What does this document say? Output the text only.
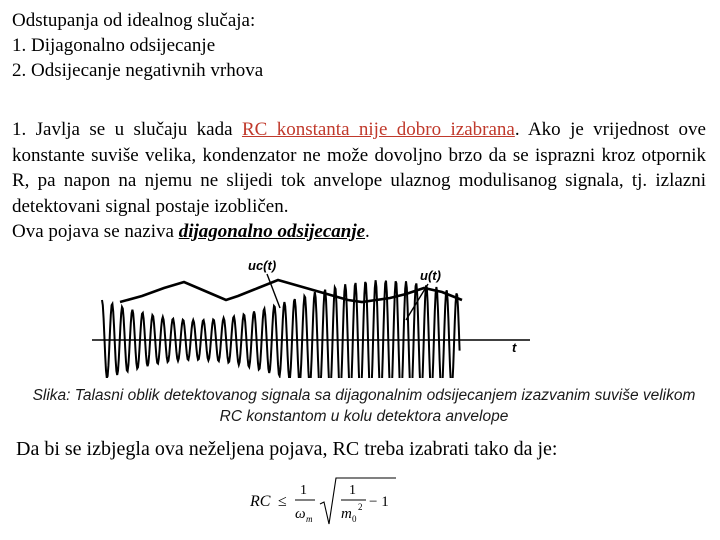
Odstupanja od idealnog slučaja:
1. Dijagonalno odsijecanje
2. Odsijecanje negativnih vrhova
1. Javlja se u slučaju kada RC konstanta nije dobro izabrana. Ako je vrijednost ove konstante suviše velika, kondenzator ne može dovoljno brzo da se isprazni kroz otpornik R, pa napon na njemu ne slijedi tok anvelope ulaznog modulisanog signala, tj. izlazni detektovani signal postaje izobličen.
Ova pojava se naziva dijagonalno odsijecanje.
uc(t)
u(t)
t
Slika: Talasni oblik detektovanog signala sa dijagonalnim odsijecanjem izazvanim suviše velikom RC konstantom u kolu detektora anvelope
Da bi se izbjegla ova neželjena pojava, RC treba izabrati tako da je:
RC ≤
1
ω m
1
m 0
2 − 1
